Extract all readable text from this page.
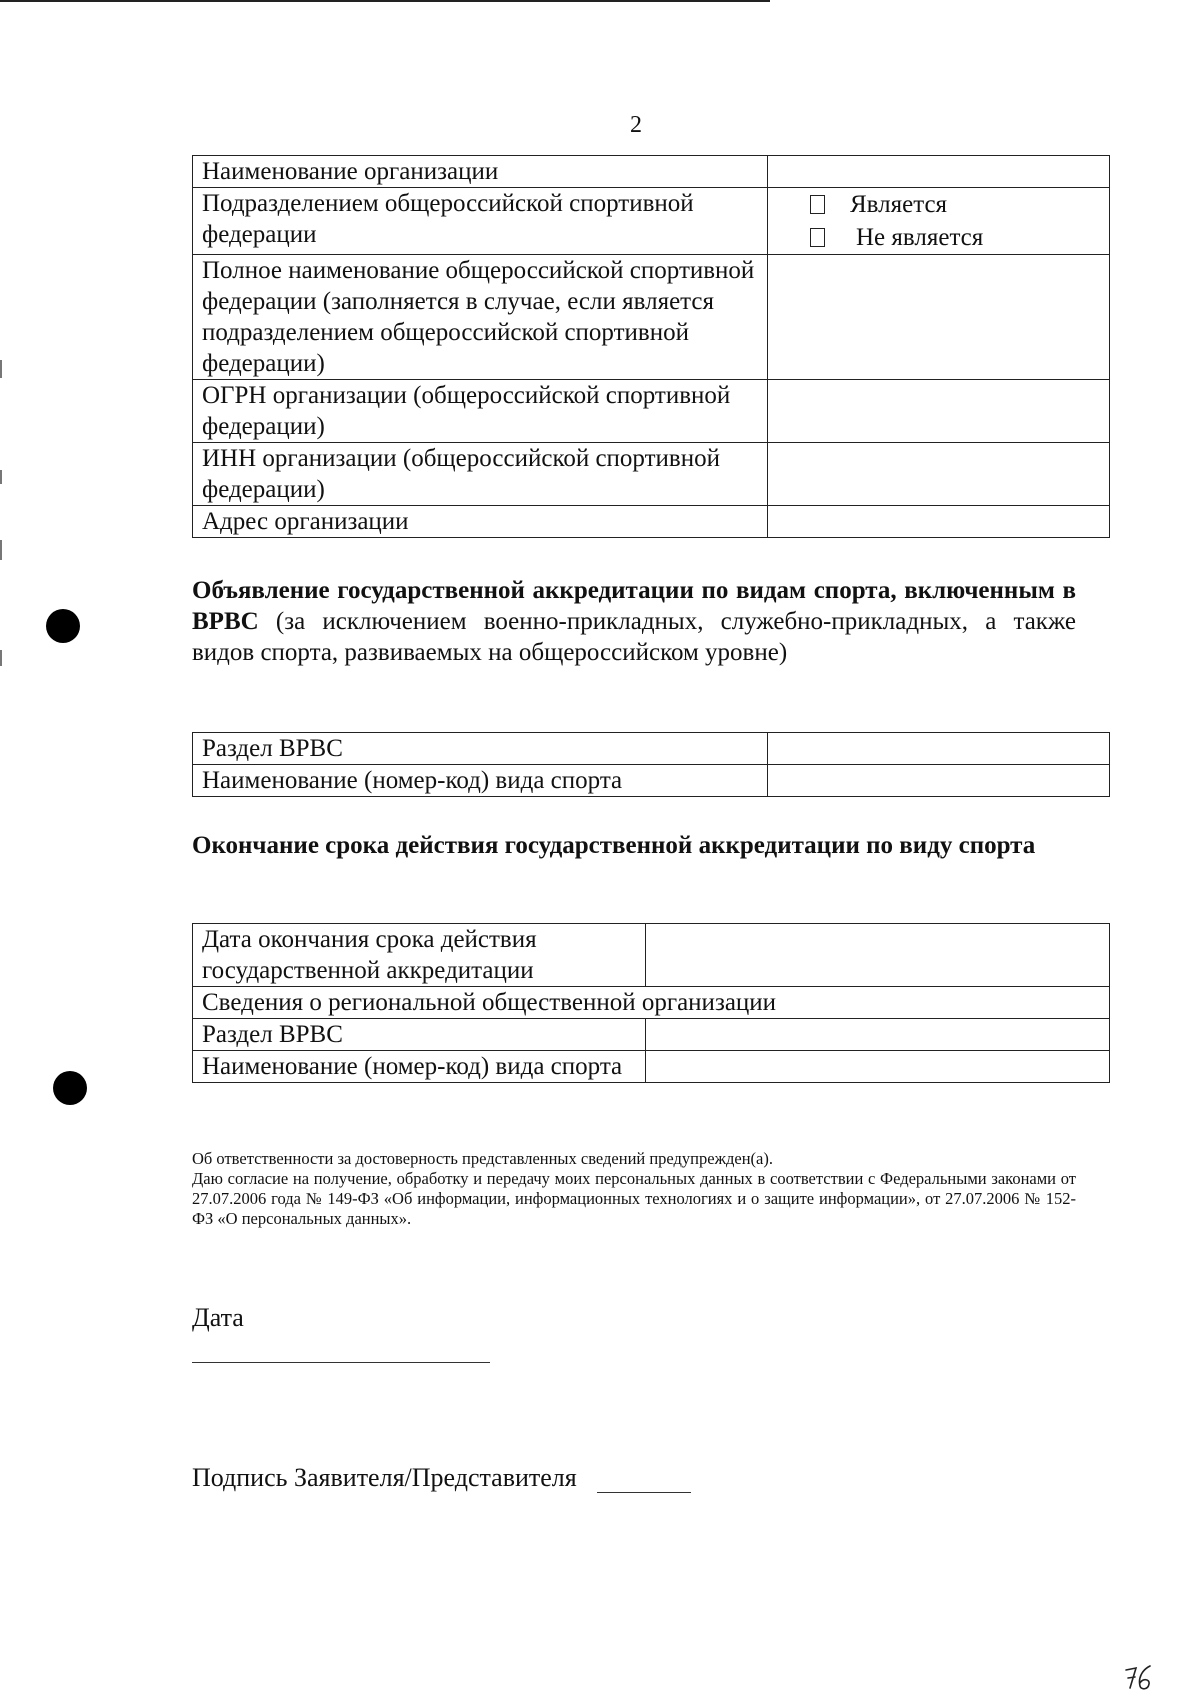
2
Наименование организации	
Подразделением общероссийской спортивной федерации	Является
Не является

Полное наименование общероссийской спортивной федерации (заполняется в случае, если является подразделением общероссийской спортивной федерации)	
ОГРН организации (общероссийской спортивной федерации)	
ИНН организации (общероссийской спортивной федерации)	
Адрес организации	
Объявление государственной аккредитации по видам спорта, включенным в ВРВС (за исключением военно-прикладных, служебно-прикладных, а также видов спорта, развиваемых на общероссийском уровне)
Раздел ВРВС	
Наименование (номер-код) вида спорта	
Окончание срока действия государственной аккредитации по виду спорта
Дата окончания срока действия государственной аккредитации	
Сведения о региональной общественной организации	
Раздел ВРВС	
Наименование (номер-код) вида спорта	

Об ответственности за достоверность представленных сведений предупрежден(а).

Даю согласие на получение, обработку и передачу моих персональных данных в соответствии с Федеральными законами от 27.07.2006 года № 149-ФЗ «Об информации, информационных технологиях и о защите информации», от 27.07.2006 № 152-ФЗ «О персональных данных».

Дата
Подпись Заявителя/Представителя
